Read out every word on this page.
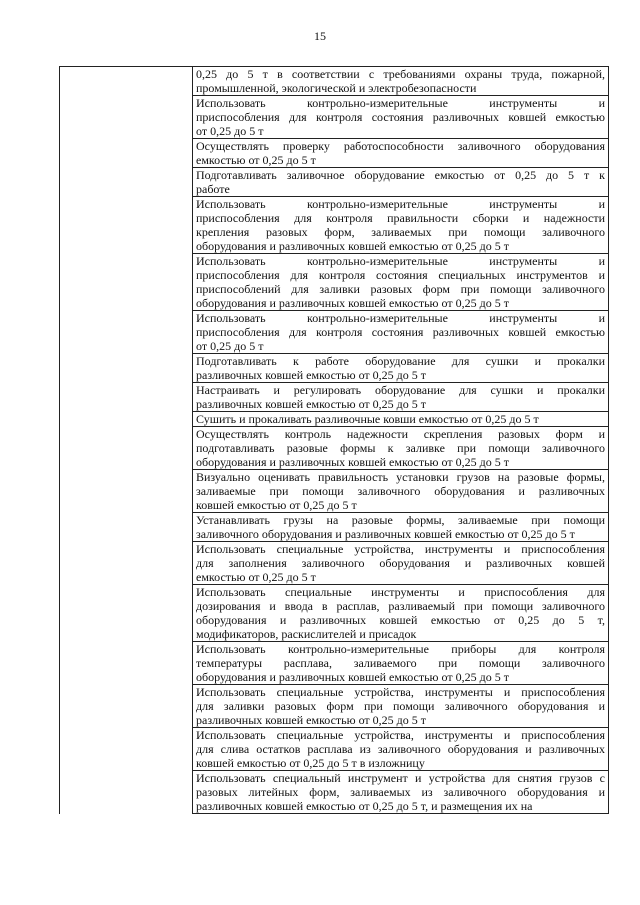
15

0,25 до 5 т в соответствии с требованиями охраны труда, пожарной,
промышленной, экологической и электробезопасности

Использовать контрольно-измерительные инструменты и
приспособления для контроля состояния разливочных ковшей емкостью
от 0,25 до 5 т

Осуществлять проверку работоспособности заливочного оборудования
емкостью от 0,25 до 5 т

Подготавливать заливочное оборудование емкостью от 0,25 до 5 т к
работе

Использовать контрольно-измерительные инструменты и
приспособления для контроля правильности сборки и надежности
крепления разовых форм, заливаемых при помощи заливочного
оборудования и разливочных ковшей емкостью от 0,25 до 5 т

Использовать контрольно-измерительные инструменты и
приспособления для контроля состояния специальных инструментов и
приспособлений для заливки разовых форм при помощи заливочного
оборудования и разливочных ковшей емкостью от 0,25 до 5 т

Использовать контрольно-измерительные инструменты и
приспособления для контроля состояния разливочных ковшей емкостью
от 0,25 до 5 т

Подготавливать к работе оборудование для сушки и прокалки
разливочных ковшей емкостью от 0,25 до 5 т

Настраивать и регулировать оборудование для сушки и прокалки
разливочных ковшей емкостью от 0,25 до 5 т

Сушить и прокаливать разливочные ковши емкостью от 0,25 до 5 т

Осуществлять контроль надежности скрепления разовых форм и
подготавливать разовые формы к заливке при помощи заливочного
оборудования и разливочных ковшей емкостью от 0,25 до 5 т

Визуально оценивать правильность установки грузов на разовые формы,
заливаемые при помощи заливочного оборудования и разливочных
ковшей емкостью от 0,25 до 5 т

Устанавливать грузы на разовые формы, заливаемые при помощи
заливочного оборудования и разливочных ковшей емкостью от 0,25 до 5 т

Использовать специальные устройства, инструменты и приспособления
для заполнения заливочного оборудования и разливочных ковшей
емкостью от 0,25 до 5 т

Использовать специальные инструменты и приспособления для
дозирования и ввода в расплав, разливаемый при помощи заливочного
оборудования и разливочных ковшей емкостью от 0,25 до 5 т,
модификаторов, раскислителей и присадок

Использовать контрольно-измерительные приборы для контроля
температуры расплава, заливаемого при помощи заливочного
оборудования и разливочных ковшей емкостью от 0,25 до 5 т

Использовать специальные устройства, инструменты и приспособления
для заливки разовых форм при помощи заливочного оборудования и
разливочных ковшей емкостью от 0,25 до 5 т

Использовать специальные устройства, инструменты и приспособления
для слива остатков расплава из заливочного оборудования и разливочных
ковшей емкостью от 0,25 до 5 т в изложницу

Использовать специальный инструмент и устройства для снятия грузов с
разовых литейных форм, заливаемых из заливочного оборудования и
разливочных ковшей емкостью от 0,25 до 5 т, и размещения их на
